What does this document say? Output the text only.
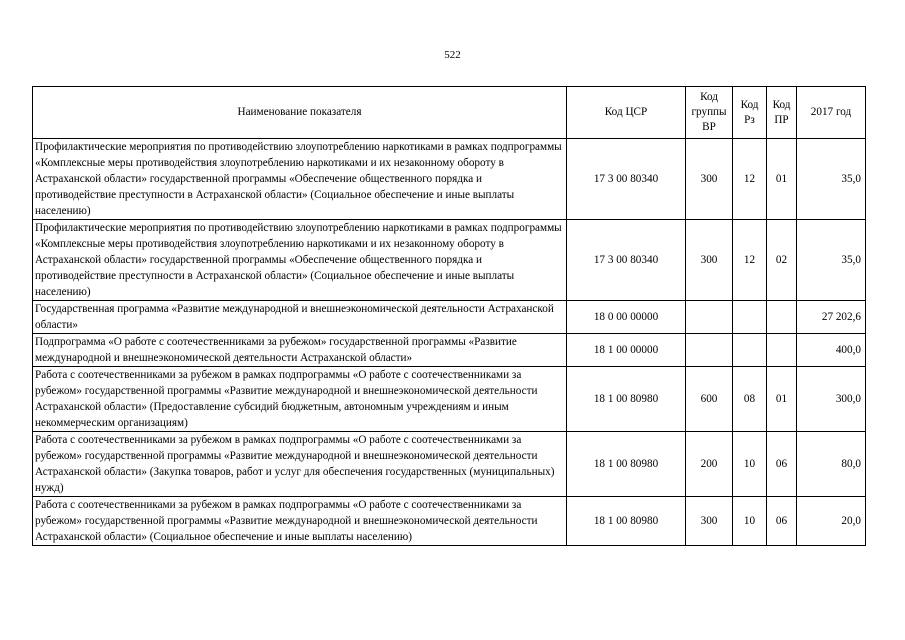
522
Наименование показателя	Код ЦСР	Код группы ВР	Код Рз	Код ПР	2017 год
Профилактические мероприятия по противодействию злоупотреблению наркотиками в рамках подпрограммы «Комплексные меры противодействия злоупотреблению наркотиками и их незаконному обороту в Астраханской области» государственной программы «Обеспечение общественного порядка и противодействие преступности в Астраханской области» (Социальное обеспечение и иные выплаты населению)	17 3 00 80340	300	12	01	35,0
Профилактические мероприятия по противодействию злоупотреблению наркотиками в рамках подпрограммы «Комплексные меры противодействия злоупотреблению наркотиками и их незаконному обороту в Астраханской области» государственной программы «Обеспечение общественного порядка и противодействие преступности в Астраханской области» (Социальное обеспечение и иные выплаты населению)	17 3 00 80340	300	12	02	35,0
Государственная программа «Развитие международной и внешнеэкономической деятельности Астраханской области»	18 0 00 00000				27 202,6
Подпрограмма «О работе с соотечественниками за рубежом» государственной программы «Развитие международной и внешнеэкономической деятельности Астраханской области»	18 1 00 00000				400,0
Работа с соотечественниками за рубежом в рамках подпрограммы «О работе с соотечественниками за рубежом» государственной программы «Развитие международной и внешнеэкономической деятельности Астраханской области» (Предоставление субсидий бюджетным, автономным учреждениям и иным некоммерческим организациям)	18 1 00 80980	600	08	01	300,0
Работа с соотечественниками за рубежом в рамках подпрограммы «О работе с соотечественниками за рубежом» государственной программы «Развитие международной и внешнеэкономической деятельности Астраханской области» (Закупка товаров, работ и услуг для обеспечения государственных (муниципальных) нужд)	18 1 00 80980	200	10	06	80,0
Работа с соотечественниками за рубежом в рамках подпрограммы «О работе с соотечественниками за рубежом» государственной программы «Развитие международной и внешнеэкономической деятельности Астраханской области» (Социальное обеспечение и иные выплаты населению)	18 1 00 80980	300	10	06	20,0
